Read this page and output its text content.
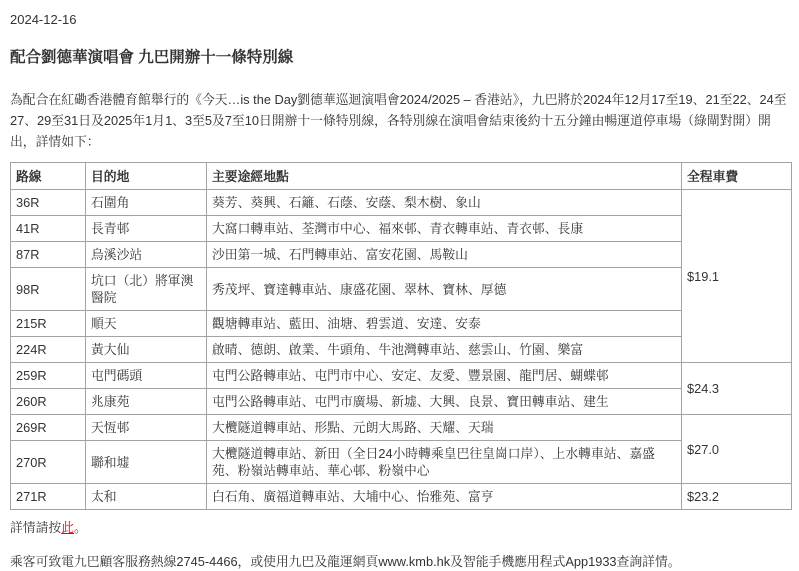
2024-12-16
配合劉德華演唱會 九巴開辦十一條特別線

為配合在紅磡香港體育館舉行的《今天…is the Day劉德華巡迴演唱會2024/2025 – 香港站》，九巴將於2024年12月17至19、21至22、24至27、29至31日及2025年1月1、3至5及7至10日開辦十一條特別線，各特別線在演唱會結束後約十五分鐘由暢運道停車場（綠閘對開）開出，詳情如下：

路線	目的地	主要途經地點	全程車費
36R	石圍角	葵芳、葵興、石籬、石蔭、安蔭、梨木樹、象山	$19.1
41R	長青邨	大窩口轉車站、荃灣市中心、福來邨、青衣轉車站、青衣邨、長康	
87R	烏溪沙站	沙田第一城、石門轉車站、富安花園、馬鞍山	
98R	坑口（北）將軍澳醫院	秀茂坪、寶達轉車站、康盛花園、翠林、寶林、厚德	
215R	順天	觀塘轉車站、藍田、油塘、碧雲道、安達、安泰	
224R	黃大仙	啟晴、德朗、啟業、牛頭角、牛池灣轉車站、慈雲山、竹園、樂富	
259R	屯門碼頭	屯門公路轉車站、屯門市中心、安定、友愛、豐景園、龍門居、蝴蝶邨	$24.3
260R	兆康苑	屯門公路轉車站、屯門市廣場、新墟、大興、良景、寶田轉車站、建生	
269R	天恆邨	大欖隧道轉車站、形點、元朗大馬路、天耀、天瑞	$27.0
270R	聯和墟	大欖隧道轉車站、新田（全日24小時轉乘皇巴往皇崗口岸）、上水轉車站、嘉盛苑、粉嶺站轉車站、華心邨、粉嶺中心	
271R	太和	白石角、廣福道轉車站、大埔中心、怡雅苑、富亨	$23.2
詳情請按此。
乘客可致電九巴顧客服務熱線2745-4466，或使用九巴及龍運網頁www.kmb.hk及智能手機應用程式App1933查詢詳情。
